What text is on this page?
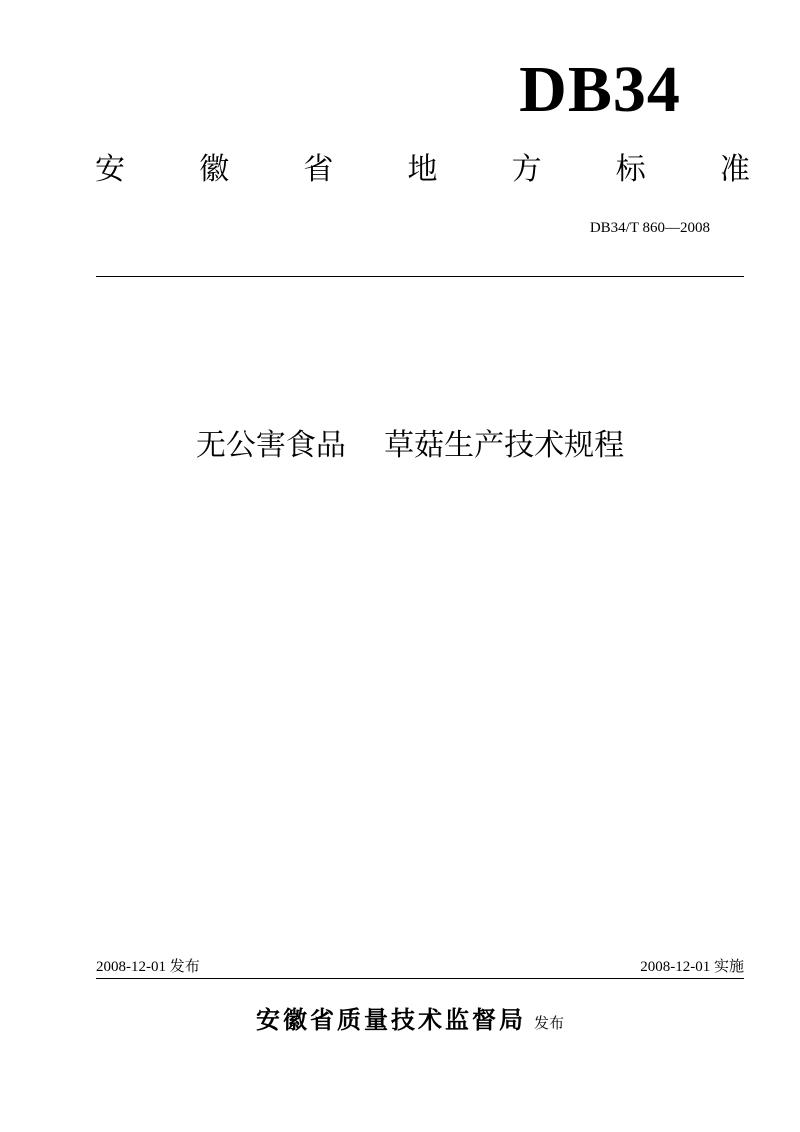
DB34
安 徽 省 地 方 标 准
DB34/T 860—2008
无公害食品    草菇生产技术规程
2008-12-01 发布	2008-12-01 实施
安徽省质量技术监督局 发布
